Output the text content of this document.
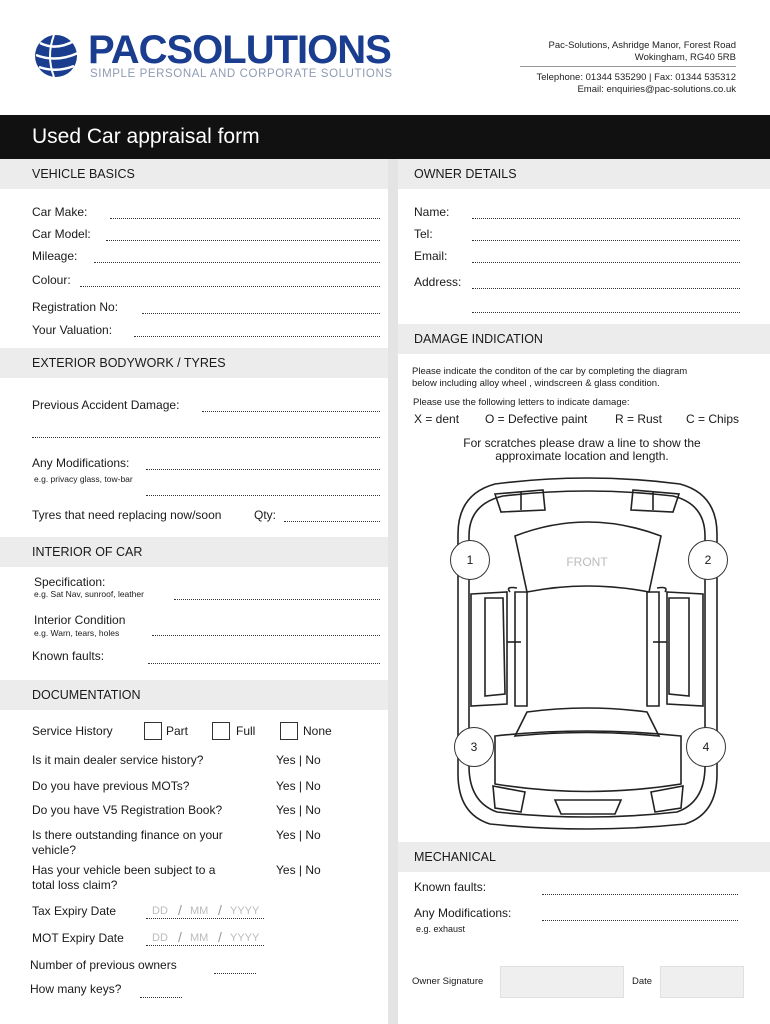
PACSOLUTIONS
SIMPLE PERSONAL AND CORPORATE SOLUTIONS
Pac-Solutions, Ashridge Manor, Forest Road
Wokingham, RG40 5RB
Telephone: 01344 535290 | Fax: 01344 535312
Email: enquiries@pac-solutions.co.uk
Used Car appraisal form
VEHICLE BASICS
Car Make:
Car Model:
Mileage:
Colour:
Registration No:
Your Valuation:
EXTERIOR BODYWORK / TYRES
Previous Accident Damage:
Any Modifications:
e.g. privacy glass, tow-bar
Tyres that need replacing now/soon	Qty:
INTERIOR OF CAR
Specification:
e.g. Sat Nav, sunroof, leather
Interior Condition
e.g. Warn, tears, holes
Known faults:
DOCUMENTATION
Service History	Part	Full	None
Is it main dealer service history?	Yes | No
Do you have previous MOTs?	Yes | No
Do you have V5 Registration Book?	Yes | No
Is there outstanding finance on your
vehicle?
Yes | No
Has your vehicle been subject to a
total loss claim?
Yes | No
Tax Expiry Date	DD / MM / YYYY
MOT Expiry Date	DD / MM / YYYY
Number of previous owners
How many keys?
OWNER DETAILS
Name:
Tel:
Email:
Address:
DAMAGE INDICATION
Please indicate the conditon of the car by completing the diagram
below including alloy wheel , windscreen & glass condition.
Please use the following letters to indicate damage:
X = dent O = Defective paint R = Rust C = Chips
For scratches please draw a line to show the
approximate location and length.
FRONT
1	2
3	4
MECHANICAL
Known faults:
Any Modifications:
e.g. exhaust
Owner Signature	Date
